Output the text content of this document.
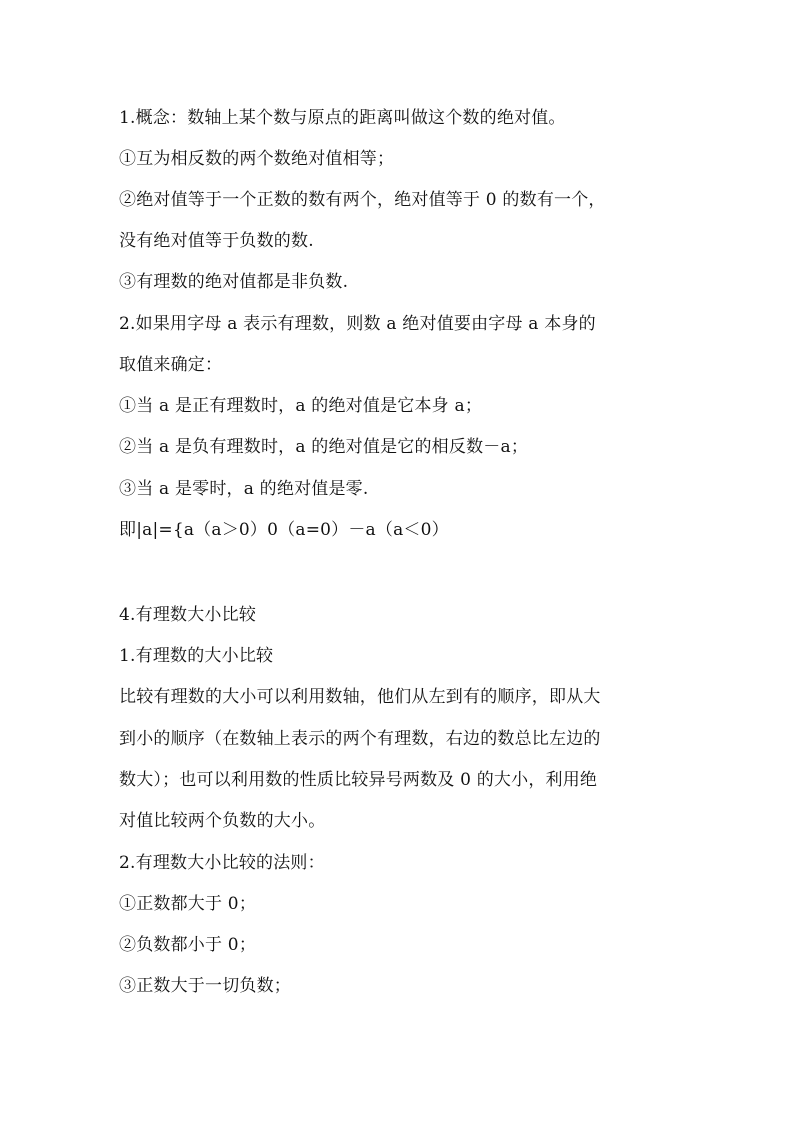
1.概念：数轴上某个数与原点的距离叫做这个数的绝对值。
①互为相反数的两个数绝对值相等；
②绝对值等于一个正数的数有两个，绝对值等于 0 的数有一个，
没有绝对值等于负数的数.
③有理数的绝对值都是非负数.
2.如果用字母 a 表示有理数，则数 a 绝对值要由字母 a 本身的
取值来确定：
①当 a 是正有理数时，a 的绝对值是它本身 a；
②当 a 是负有理数时，a 的绝对值是它的相反数－a；
③当 a 是零时，a 的绝对值是零.
即|a|={a（a＞0）0（a=0）－a（a＜0）
4.有理数大小比较
1.有理数的大小比较
比较有理数的大小可以利用数轴，他们从左到有的顺序，即从大
到小的顺序（在数轴上表示的两个有理数，右边的数总比左边的
数大）；也可以利用数的性质比较异号两数及 0 的大小，利用绝
对值比较两个负数的大小。
2.有理数大小比较的法则：
①正数都大于 0；
②负数都小于 0；
③正数大于一切负数；
